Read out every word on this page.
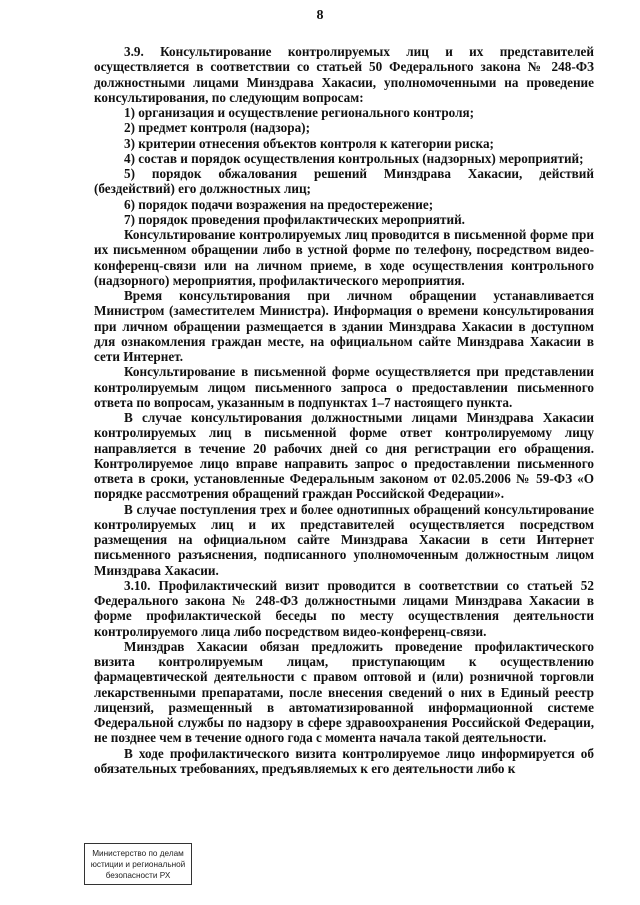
8

3.9. Консультирование контролируемых лиц и их представителей осуществляется в соответствии со статьей 50 Федерального закона № 248-ФЗ должностными лицами Минздрава Хакасии, уполномоченными на проведение консультирования, по следующим вопросам:

1) организация и осуществление регионального контроля;

2) предмет контроля (надзора);

3) критерии отнесения объектов контроля к категории риска;

4) состав и порядок осуществления контрольных (надзорных) мероприятий;

5) порядок обжалования решений Минздрава Хакасии, действий (бездействий) его должностных лиц;

6) порядок подачи возражения на предостережение;

7) порядок проведения профилактических мероприятий.

Консультирование контролируемых лиц проводится в письменной форме при их письменном обращении либо в устной форме по телефону, посредством видео-конференц-связи или на личном приеме, в ходе осуществления контрольного (надзорного) мероприятия, профилактического мероприятия.

Время консультирования при личном обращении устанавливается Министром (заместителем Министра). Информация о времени консультирования при личном обращении размещается в здании Минздрава Хакасии в доступном для ознакомления граждан месте, на официальном сайте Минздрава Хакасии в сети Интернет.

Консультирование в письменной форме осуществляется при представлении контролируемым лицом письменного запроса о предоставлении письменного ответа по вопросам, указанным в подпунктах 1–7 настоящего пункта.

В случае консультирования должностными лицами Минздрава Хакасии контролируемых лиц в письменной форме ответ контролируемому лицу направляется в течение 20 рабочих дней со дня регистрации его обращения. Контролируемое лицо вправе направить запрос о предоставлении письменного ответа в сроки, установленные Федеральным законом от 02.05.2006 № 59-ФЗ «О порядке рассмотрения обращений граждан Российской Федерации».

В случае поступления трех и более однотипных обращений консультирование контролируемых лиц и их представителей осуществляется посредством размещения на официальном сайте Минздрава Хакасии в сети Интернет письменного разъяснения, подписанного уполномоченным должностным лицом Минздрава Хакасии.

3.10. Профилактический визит проводится в соответствии со статьей 52 Федерального закона № 248-ФЗ должностными лицами Минздрава Хакасии в форме профилактической беседы по месту осуществления деятельности контролируемого лица либо посредством видео-конференц-связи.

Минздрав Хакасии обязан предложить проведение профилактического визита контролируемым лицам, приступающим к осуществлению фармацевтической деятельности с правом оптовой и (или) розничной торговли лекарственными препаратами, после внесения сведений о них в Единый реестр лицензий, размещенный в автоматизированной информационной системе Федеральной службы по надзору в сфере здравоохранения Российской Федерации, не позднее чем в течение одного года с момента начала такой деятельности.

В ходе профилактического визита контролируемое лицо информируется об обязательных требованиях, предъявляемых к его деятельности либо к

Министерство по делам
юстиции и региональной
безопасности РХ
